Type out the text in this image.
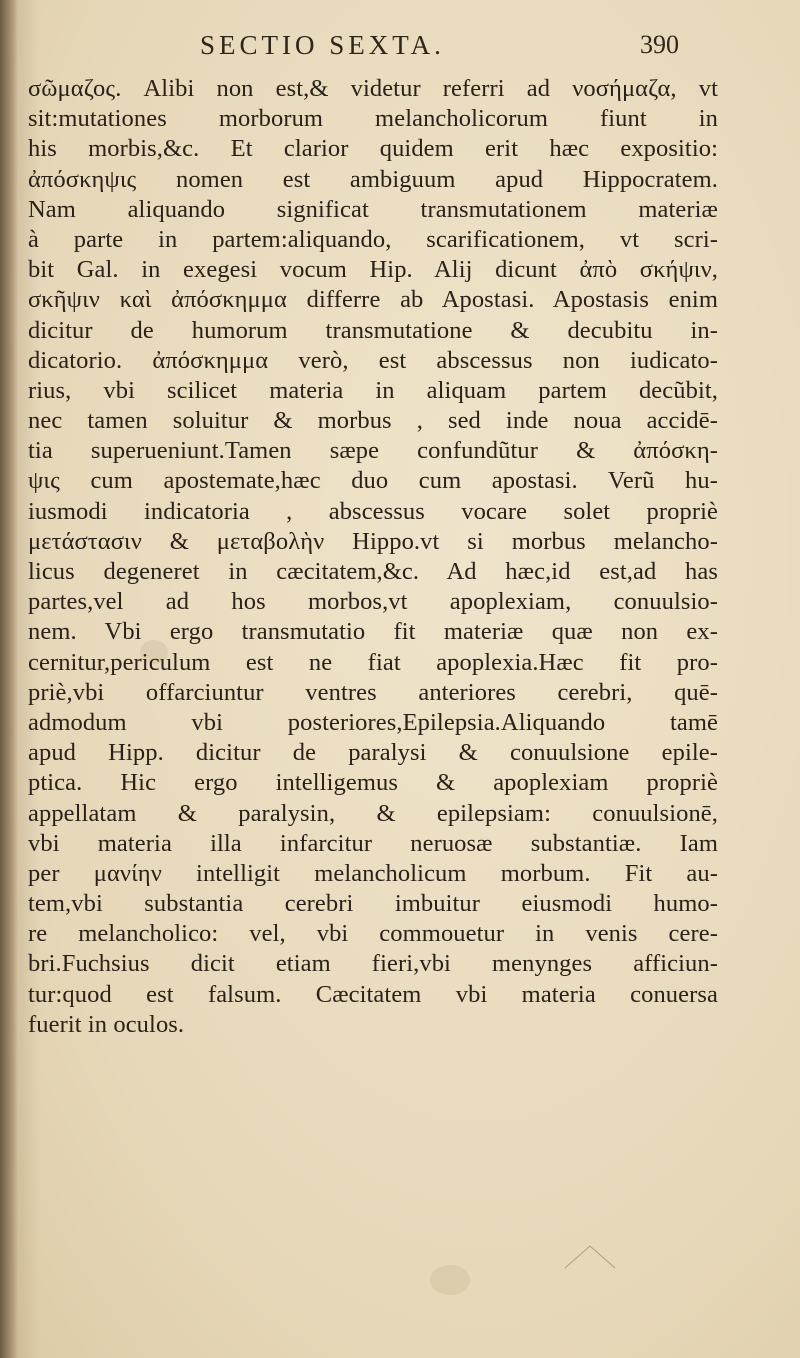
SECTIO SEXTA.	390
σῶμαζος. Alibi non est,& videtur referri ad νοσήμαζα, vt
sit:mutationes morborum melancholicorum fiunt in
his morbis,&c. Et clarior quidem erit hæc expositio:
ἀπόσκηψις nomen est ambiguum apud Hippocratem.
Nam aliquando significat transmutationem materiæ
à parte in partem:aliquando, scarificationem, vt scri-
bit Gal. in exegesi vocum Hip. Alij dicunt ἀπὸ σκήψιν,
σκῆψιν καὶ ἀπόσκημμα differre ab Apostasi. Apostasis enim
dicitur de humorum transmutatione & decubitu in-
dicatorio. ἀπόσκημμα verò, est abscessus non iudicato-
rius, vbi scilicet materia in aliquam partem decũbit,
nec tamen soluitur & morbus , sed inde noua accidē-
tia superueniunt.Tamen sæpe confundũtur & ἀπόσκη-
ψις cum apostemate,hæc duo cum apostasi. Verũ hu-
iusmodi indicatoria , abscessus vocare solet propriè
μετάστασιν & μεταβολὴν Hippo.vt si morbus melancho-
licus degeneret in cæcitatem,&c. Ad hæc,id est,ad has
partes,vel ad hos morbos,vt apoplexiam, conuulsio-
nem. Vbi ergo transmutatio fit materiæ quæ non ex-
cernitur,periculum est ne fiat apoplexia.Hæc fit pro-
priè,vbi offarciuntur ventres anteriores cerebri, quē-
admodum vbi posteriores,Epilepsia.Aliquando tamē
apud Hipp. dicitur de paralysi & conuulsione epile-
ptica. Hic ergo intelligemus & apoplexiam propriè
appellatam & paralysin, & epilepsiam: conuulsionē,
vbi materia illa infarcitur neruosæ substantiæ. Iam
per μανίην intelligit melancholicum morbum. Fit au-
tem,vbi substantia cerebri imbuitur eiusmodi humo-
re melancholico: vel, vbi commouetur in venis cere-
bri.Fuchsius dicit etiam fieri,vbi menynges afficiun-
tur:quod est falsum. Cæcitatem vbi materia conuersa
fuerit in oculos.
